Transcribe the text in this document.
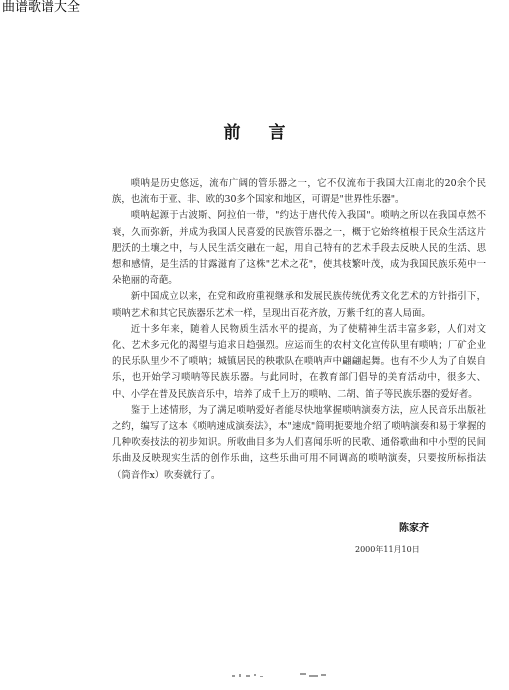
曲谱歌谱大全
前言

唢呐是历史悠远，流布广阔的管乐器之一，它不仅流布于我国大江南北的20余个民族，也流布于亚、非、欧的30多个国家和地区，可谓是"世界性乐器"。

唢呐起源于古波斯、阿拉伯一带，"约达于唐代传入我国"。唢呐之所以在我国卓然不衰，久而弥新，并成为我国人民喜爱的民族管乐器之一，概于它始终植根于民众生活这片肥沃的土壤之中，与人民生活交融在一起，用自己特有的艺术手段去反映人民的生活、思想和感情，是生活的甘露滋育了这株"艺术之花"，使其枝繁叶茂，成为我国民族乐苑中一朵艳丽的奇葩。

新中国成立以来，在党和政府重视继承和发展民族传统优秀文化艺术的方针指引下，唢呐艺术和其它民族器乐艺术一样，呈现出百花齐放，万紫千红的喜人局面。

近十多年来，随着人民物质生活水平的提高，为了使精神生活丰富多彩，人们对文化、艺术多元化的渴望与追求日趋强烈。应运而生的农村文化宣传队里有唢呐；厂矿企业的民乐队里少不了唢呐；城镇居民的秧歌队在唢呐声中翩翩起舞。也有不少人为了自娱自乐，也开始学习唢呐等民族乐器。与此同时，在教育部门倡导的美育活动中，很多大、中、小学在普及民族音乐中，培养了成千上万的唢呐、二胡、笛子等民族乐器的爱好者。

鉴于上述情形，为了满足唢呐爱好者能尽快地掌握唢呐演奏方法，应人民音乐出版社之约，编写了这本《唢呐速成演奏法》，本"速成"简明扼要地介绍了唢呐演奏和易于掌握的几种吹奏技法的初步知识。所收曲目多为人们喜闻乐听的民歌、通俗歌曲和中小型的民间乐曲及反映现实生活的创作乐曲，这些乐曲可用不同调高的唢呐演奏，只要按所标指法（筒音作x）吹奏就行了。

陈家齐
2000年11月10日
